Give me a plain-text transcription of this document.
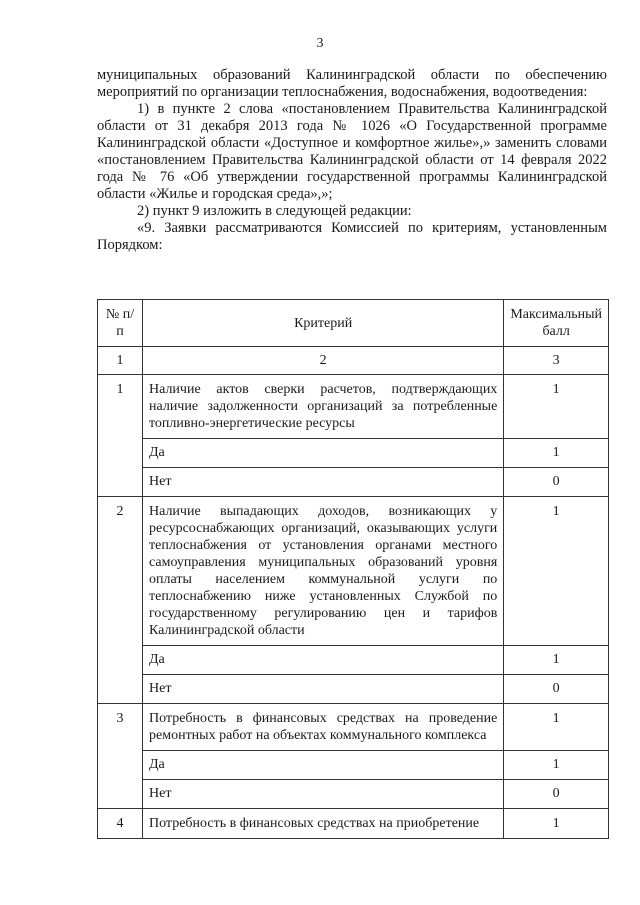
3

муниципальных образований Калининградской области по обеспечению мероприятий по организации теплоснабжения, водоснабжения, водоотведения:

1) в пункте 2 слова «постановлением Правительства Калининградской области от 31 декабря 2013 года № 1026 «О Государственной программе Калининградской области «Доступное и комфортное жилье»,» заменить словами «постановлением Правительства Калининградской области от 14 февраля 2022 года № 76 «Об утверждении государственной программы Калининградской области «Жилье и городская среда»,»;

2) пункт 9 изложить в следующей редакции:

«9. Заявки рассматриваются Комиссией по критериям, установленным Порядком:

№ п/п	Критерий	Максимальный балл
1	2	3
1	Наличие актов сверки расчетов, подтверждающих наличие задолженности организаций за потребленные топливно-энергетические ресурсы	1
	Да	1
	Нет	0
2	Наличие выпадающих доходов, возникающих у ресурсоснабжающих организаций, оказывающих услуги теплоснабжения от установления органами местного самоуправления муниципальных образований уровня оплаты населением коммунальной услуги по теплоснабжению ниже установленных Службой по государственному регулированию цен и тарифов Калининградской области	1
	Да	1
	Нет	0
3	Потребность в финансовых средствах на проведение ремонтных работ на объектах коммунального комплекса	1
	Да	1
	Нет	0
4	Потребность в финансовых средствах на приобретение	1
